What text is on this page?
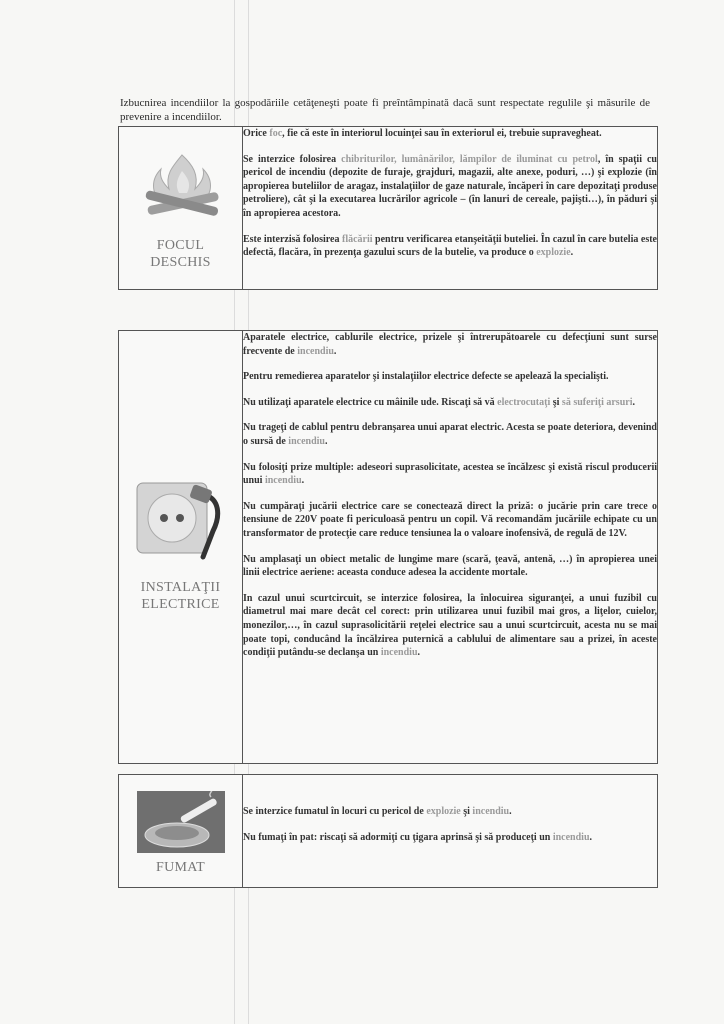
Izbucnirea incendiilor la gospodăriile cetăţeneşti poate fi preîntâmpinată dacă sunt respectate regulile şi măsurile de prevenire a incendiilor.
FOCUL
DESCHIS

Orice foc, fie că este în interiorul locuinţei sau în exteriorul ei, trebuie supravegheat.

Se interzice folosirea chibriturilor, lumânărilor, lămpilor de iluminat cu petrol, în spaţii cu pericol de incendiu (depozite de furaje, grajduri, magazii, alte anexe, poduri, …) şi explozie (în apropierea buteliilor de aragaz, instalaţiilor de gaze naturale, încăperi în care depozitaţi produse petroliere), cât şi la executarea lucrărilor agricole – (în lanuri de cereale, pajişti…), în păduri şi în apropierea acestora.

Este interzisă folosirea flăcării pentru verificarea etanşeităţii buteliei. În cazul în care butelia este defectă, flacăra, în prezenţa gazului scurs de la butelie, va produce o explozie.

INSTALAŢII
ELECTRICE

Aparatele electrice, cablurile electrice, prizele şi întrerupătoarele cu defecţiuni sunt surse frecvente de incendiu.

Pentru remedierea aparatelor şi instalaţiilor electrice defecte se apelează la specialişti.

Nu utilizaţi aparatele electrice cu mâinile ude. Riscaţi să vă electrocutaţi şi să suferiţi arsuri.

Nu trageţi de cablul pentru debranşarea unui aparat electric. Acesta se poate deteriora, devenind o sursă de incendiu.

Nu folosiţi prize multiple: adeseori suprasolicitate, acestea se încălzesc şi există riscul producerii unui incendiu.

Nu cumpăraţi jucării electrice care se conectează direct la priză: o jucărie prin care trece o tensiune de 220V poate fi periculoasă pentru un copil. Vă recomandăm jucăriile echipate cu un transformator de protecţie care reduce tensiunea la o valoare inofensivă, de regulă de 12V.

Nu amplasaţi un obiect metalic de lungime mare (scară, ţeavă, antenă, …) în apropierea unei linii electrice aeriene: aceasta conduce adesea la accidente mortale.

In cazul unui scurtcircuit, se interzice folosirea, la înlocuirea siguranţei, a unui fuzibil cu diametrul mai mare decât cel corect: prin utilizarea unui fuzibil mai gros, a liţelor, cuielor, monezilor,…, în cazul suprasolicitării reţelei electrice sau a unui scurtcircuit, acesta nu se mai poate topi, conducând la încălzirea puternică a cablului de alimentare sau a prizei, în aceste condiţii putându-se declanşa un incendiu.

FUMAT

Se interzice fumatul în locuri cu pericol de explozie şi incendiu.

Nu fumaţi în pat: riscaţi să adormiţi cu ţigara aprinsă şi să produceţi un incendiu.
